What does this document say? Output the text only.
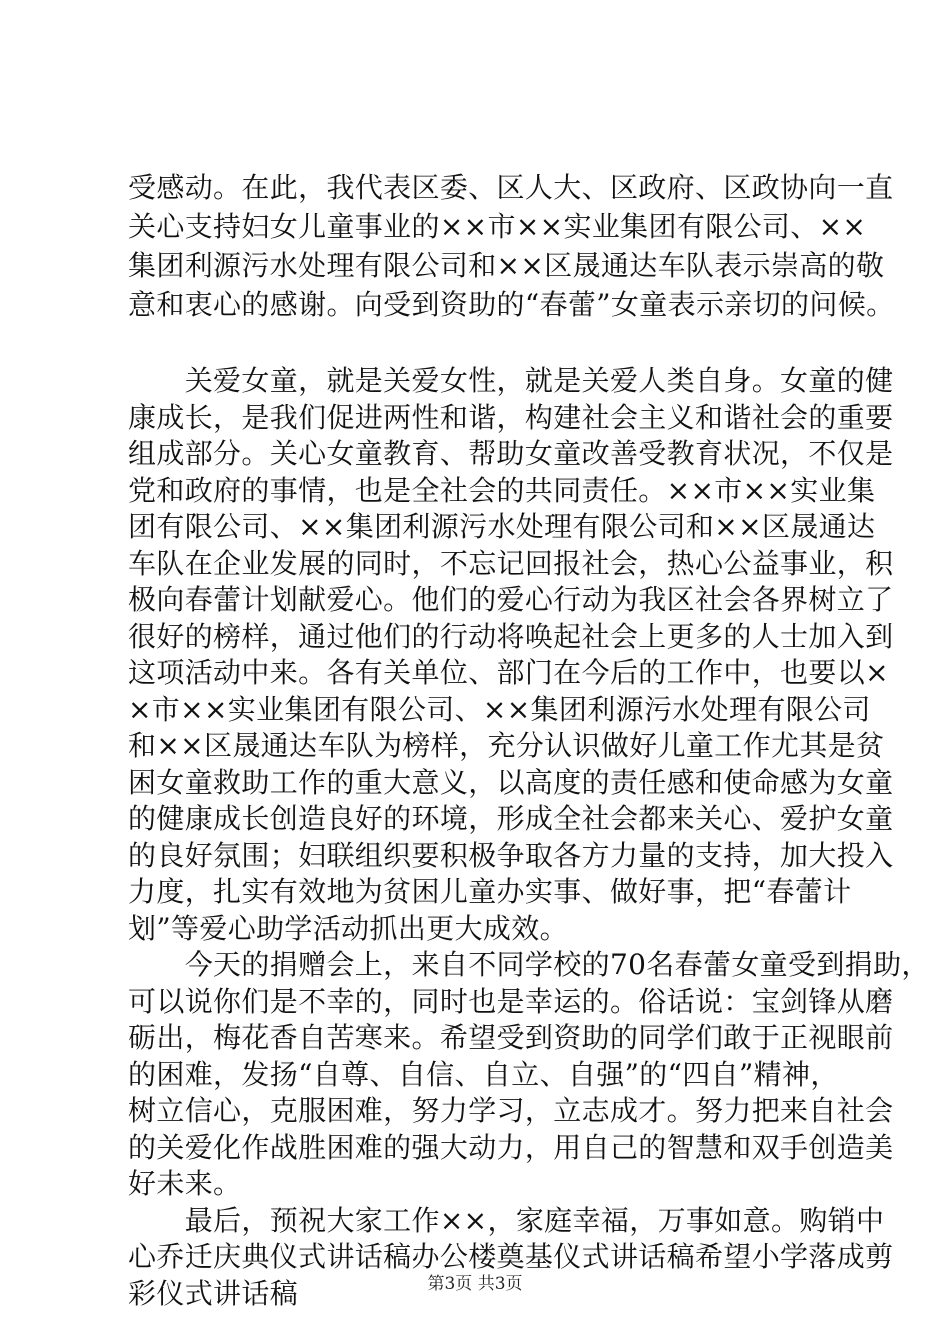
受感动。在此，我代表区委、区人大、区政府、区政协向一直
关心支持妇女儿童事业的××市××实业集团有限公司、××
集团利源污水处理有限公司和××区晟通达车队表示崇高的敬
意和衷心的感谢。向受到资助的“春蕾”女童表示亲切的问候。
　　关爱女童，就是关爱女性，就是关爱人类自身。女童的健
康成长，是我们促进两性和谐，构建社会主义和谐社会的重要
组成部分。关心女童教育、帮助女童改善受教育状况，不仅是
党和政府的事情，也是全社会的共同责任。××市××实业集
团有限公司、××集团利源污水处理有限公司和××区晟通达
车队在企业发展的同时，不忘记回报社会，热心公益事业，积
极向春蕾计划献爱心。他们的爱心行动为我区社会各界树立了
很好的榜样，通过他们的行动将唤起社会上更多的人士加入到
这项活动中来。各有关单位、部门在今后的工作中，也要以×
×市××实业集团有限公司、××集团利源污水处理有限公司
和××区晟通达车队为榜样，充分认识做好儿童工作尤其是贫
困女童救助工作的重大意义，以高度的责任感和使命感为女童
的健康成长创造良好的环境，形成全社会都来关心、爱护女童
的良好氛围；妇联组织要积极争取各方力量的支持，加大投入
力度，扎实有效地为贫困儿童办实事、做好事，把“春蕾计
划”等爱心助学活动抓出更大成效。
　　今天的捐赠会上，来自不同学校的70名春蕾女童受到捐助，
可以说你们是不幸的，同时也是幸运的。俗话说：宝剑锋从磨
砺出，梅花香自苦寒来。希望受到资助的同学们敢于正视眼前
的困难，发扬“自尊、自信、自立、自强”的“四自”精神，
树立信心，克服困难，努力学习，立志成才。努力把来自社会
的关爱化作战胜困难的强大动力，用自己的智慧和双手创造美
好未来。
　　最后，预祝大家工作××，家庭幸福，万事如意。购销中
心乔迁庆典仪式讲话稿办公楼奠基仪式讲话稿希望小学落成剪
彩仪式讲话稿	第3页 共3页
